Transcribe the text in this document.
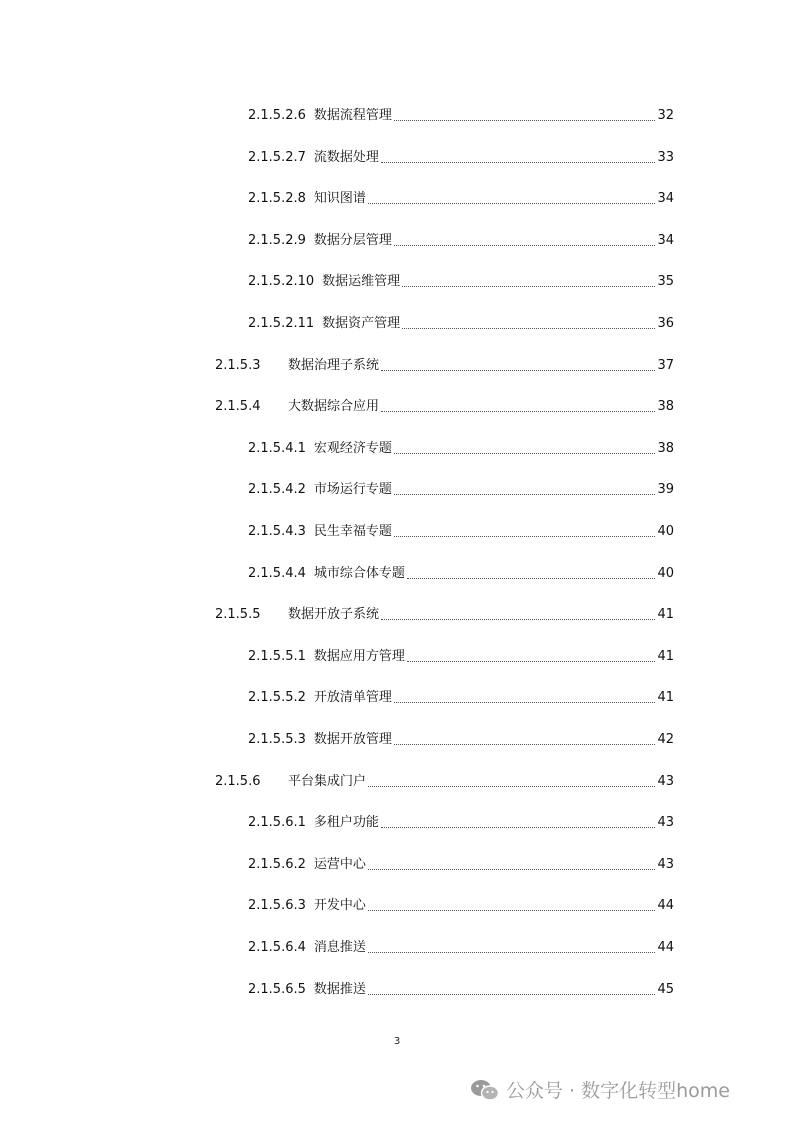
2.1.5.2.6 数据流程管理	32
2.1.5.2.7 流数据处理	33
2.1.5.2.8 知识图谱	34
2.1.5.2.9 数据分层管理	34
2.1.5.2.10 数据运维管理	35
2.1.5.2.11 数据资产管理	36
2.1.5.3	数据治理子系统	37
2.1.5.4	大数据综合应用	38
2.1.5.4.1 宏观经济专题	38
2.1.5.4.2 市场运行专题	39
2.1.5.4.3 民生幸福专题	40
2.1.5.4.4 城市综合体专题	40
2.1.5.5	数据开放子系统	41
2.1.5.5.1 数据应用方管理	41
2.1.5.5.2 开放清单管理	41
2.1.5.5.3 数据开放管理	42
2.1.5.6	平台集成门户	43
2.1.5.6.1 多租户功能	43
2.1.5.6.2 运营中心	43
2.1.5.6.3 开发中心	44
2.1.5.6.4 消息推送	44
2.1.5.6.5 数据推送	45
3
公众号 · 数字化转型home
